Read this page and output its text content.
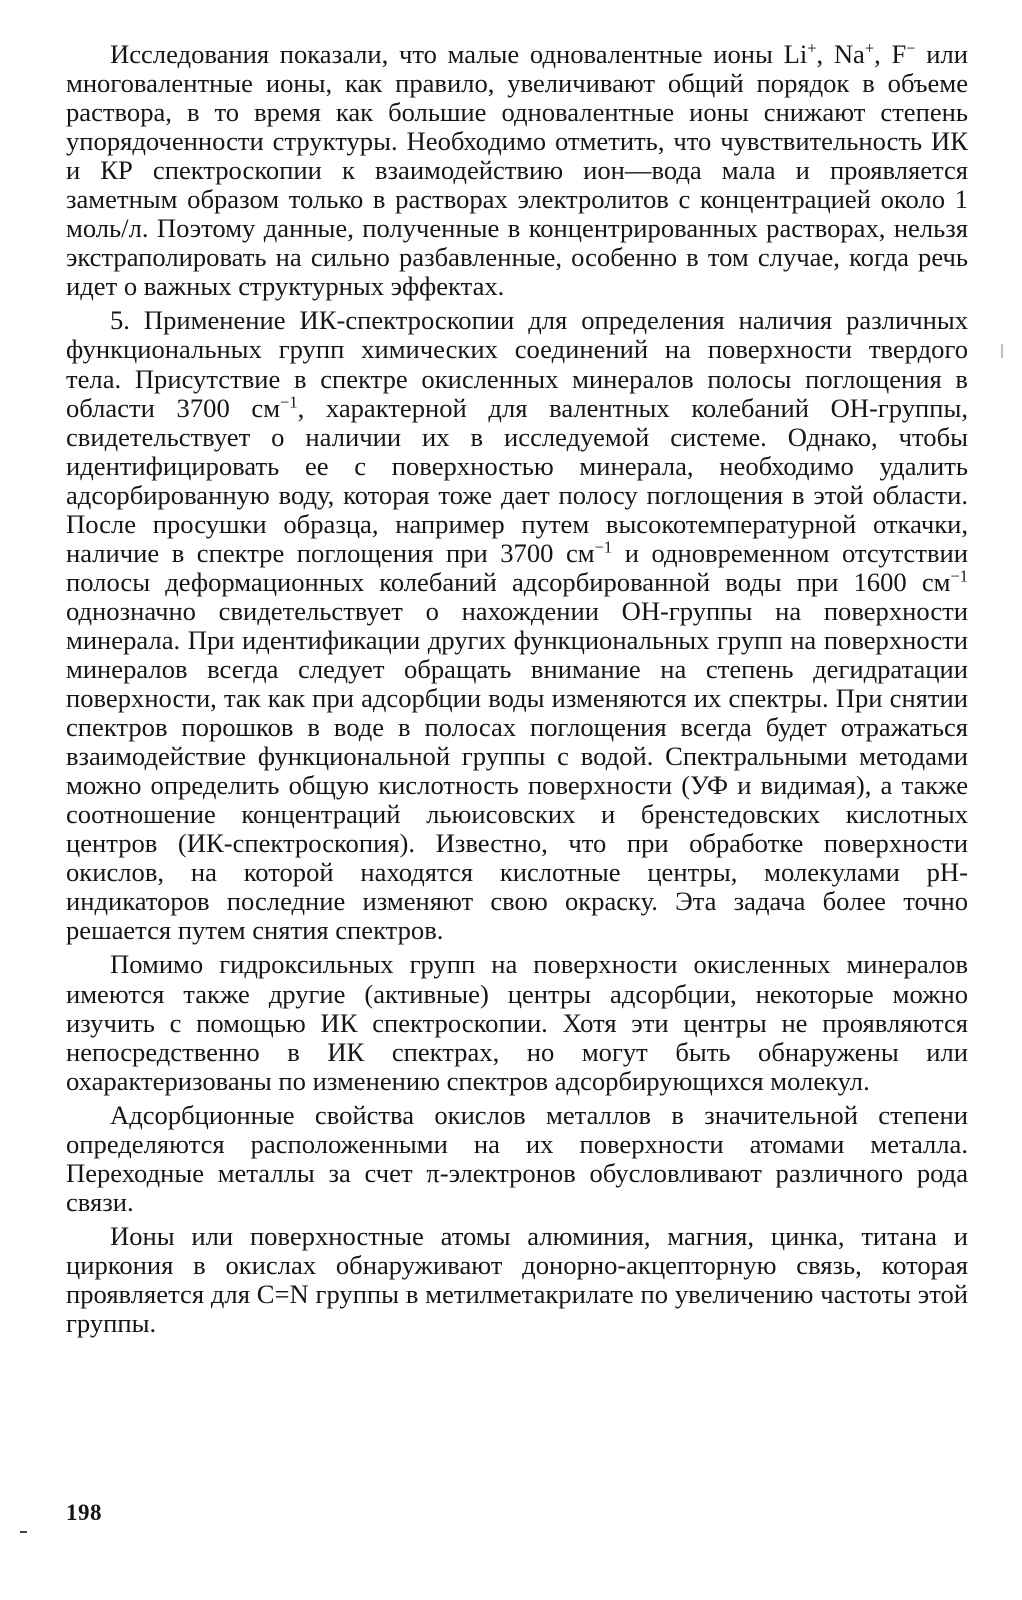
Исследования показали, что малые одновалентные ионы Li+, Na+, F− или многовалентные ионы, как правило, увеличивают общий порядок в объеме раствора, в то время как большие одновалентные ионы снижают степень упорядоченности структуры. Необходимо отметить, что чувствительность ИК и КР спектроскопии к взаимодействию ион—вода мала и проявляется заметным образом только в растворах электролитов с концентрацией около 1 моль/л. Поэтому данные, полученные в концентрированных растворах, нельзя экстраполировать на сильно разбавленные, особенно в том случае, когда речь идет о важных структурных эффектах.

5. Применение ИК-спектроскопии для определения наличия различных функциональных групп химических соединений на поверхности твердого тела. Присутствие в спектре окисленных минералов полосы поглощения в области 3700 $см^{-1}$, характерной для валентных колебаний ОН-группы, свидетельствует о наличии их в исследуемой системе. Однако, чтобы идентифицировать ее с поверхностью минерала, необходимо удалить адсорбированную воду, которая тоже дает полосу поглощения в этой области. После просушки образца, например путем высокотемпературной откачки, наличие в спектре поглощения при 3700 $см^{-1}$ и одновременном отсутствии полосы деформационных колебаний адсорбированной воды при 1600 $см^{-1}$ однозначно свидетельствует о нахождении ОН-группы на поверхности минерала. При идентификации других функциональных групп на поверхности минералов всегда следует обращать внимание на степень дегидратации поверхности, так как при адсорбции воды изменяются их спектры. При снятии спектров порошков в воде в полосах поглощения всегда будет отражаться взаимодействие функциональной группы с водой. Спектральными методами можно определить общую кислотность поверхности (УФ и видимая), а также соотношение концентраций льюисовских и бренстедовских кислотных центров (ИК-спектроскопия). Известно, что при обработке поверхности окислов, на которой находятся кислотные центры, молекулами pH-индикаторов последние изменяют свою окраску. Эта задача более точно решается путем снятия спектров.

Помимо гидроксильных групп на поверхности окисленных минералов имеются также другие (активные) центры адсорбции, некоторые можно изучить с помощью ИК спектроскопии. Хотя эти центры не проявляются непосредственно в ИК спектрах, но могут быть обнаружены или охарактеризованы по изменению спектров адсорбирующихся молекул.

Адсорбционные свойства окислов металлов в значительной степени определяются расположенными на их поверхности атомами металла. Переходные металлы за счет π-электронов обусловливают различного рода связи.

Ионы или поверхностные атомы алюминия, магния, цинка, титана и циркония в окислах обнаруживают донорно-акцепторную связь, которая проявляется для C=N группы в метилметакрилате по увеличению частоты этой группы.

198
